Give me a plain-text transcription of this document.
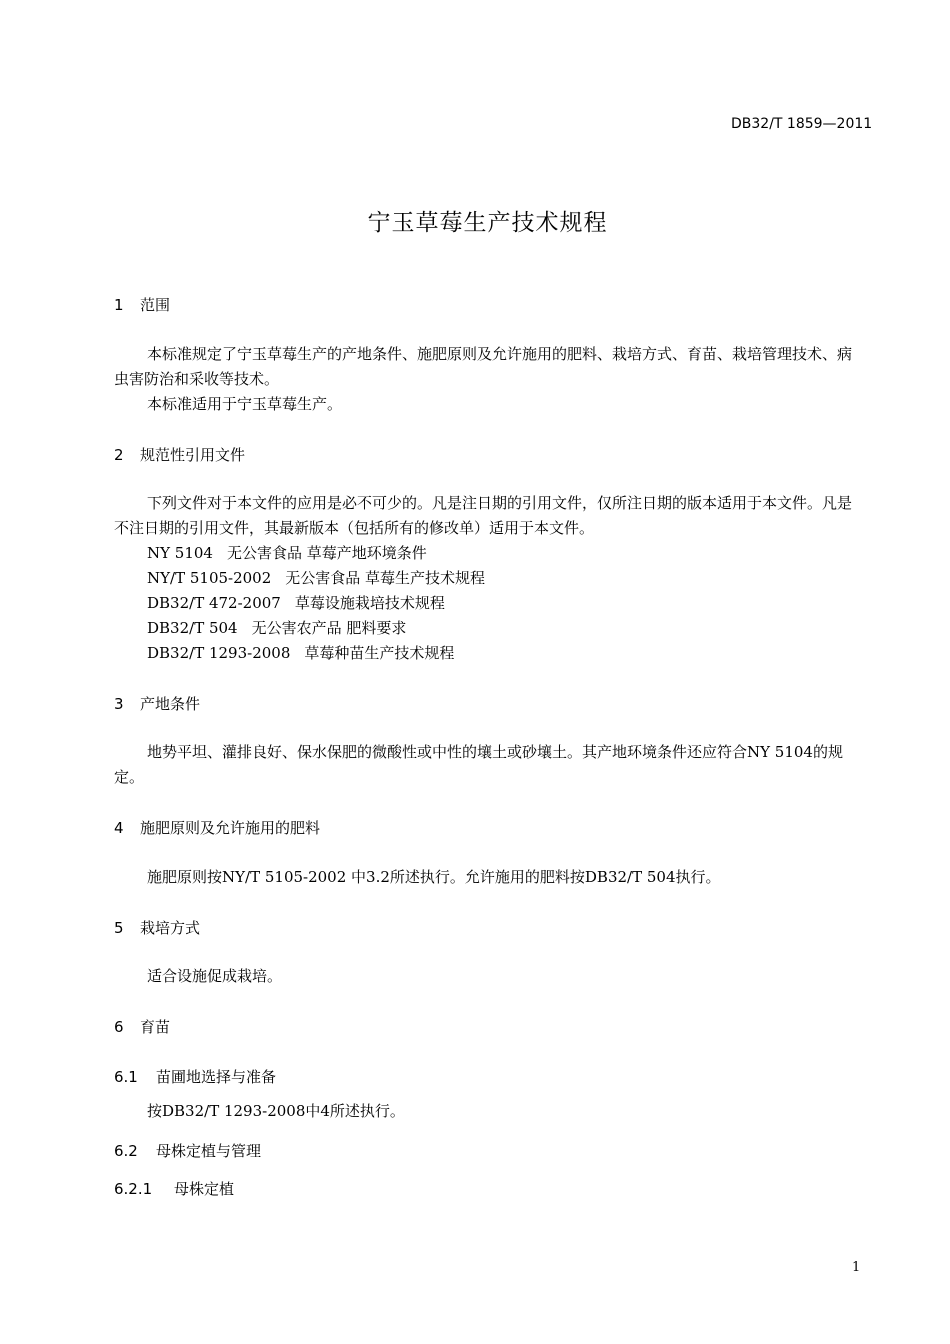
DB32/T 1859—2011
宁玉草莓生产技术规程
1 范围
本标准规定了宁玉草莓生产的产地条件、施肥原则及允许施用的肥料、栽培方式、育苗、栽培管理技术、病虫害防治和采收等技术。
本标准适用于宁玉草莓生产。
2 规范性引用文件
下列文件对于本文件的应用是必不可少的。凡是注日期的引用文件，仅所注日期的版本适用于本文件。凡是不注日期的引用文件，其最新版本（包括所有的修改单）适用于本文件。
NY 5104 无公害食品 草莓产地环境条件
NY/T 5105-2002 无公害食品 草莓生产技术规程
DB32/T 472-2007 草莓设施栽培技术规程
DB32/T 504 无公害农产品 肥料要求
DB32/T 1293-2008 草莓种苗生产技术规程
3 产地条件
地势平坦、灌排良好、保水保肥的微酸性或中性的壤土或砂壤土。其产地环境条件还应符合NY 5104的规定。
4 施肥原则及允许施用的肥料
施肥原则按NY/T 5105-2002 中3.2所述执行。允许施用的肥料按DB32/T 504执行。
5 栽培方式
适合设施促成栽培。
6 育苗
6.1 苗圃地选择与准备
按DB32/T 1293-2008中4所述执行。
6.2 母株定植与管理
6.2.1 母株定植
1
